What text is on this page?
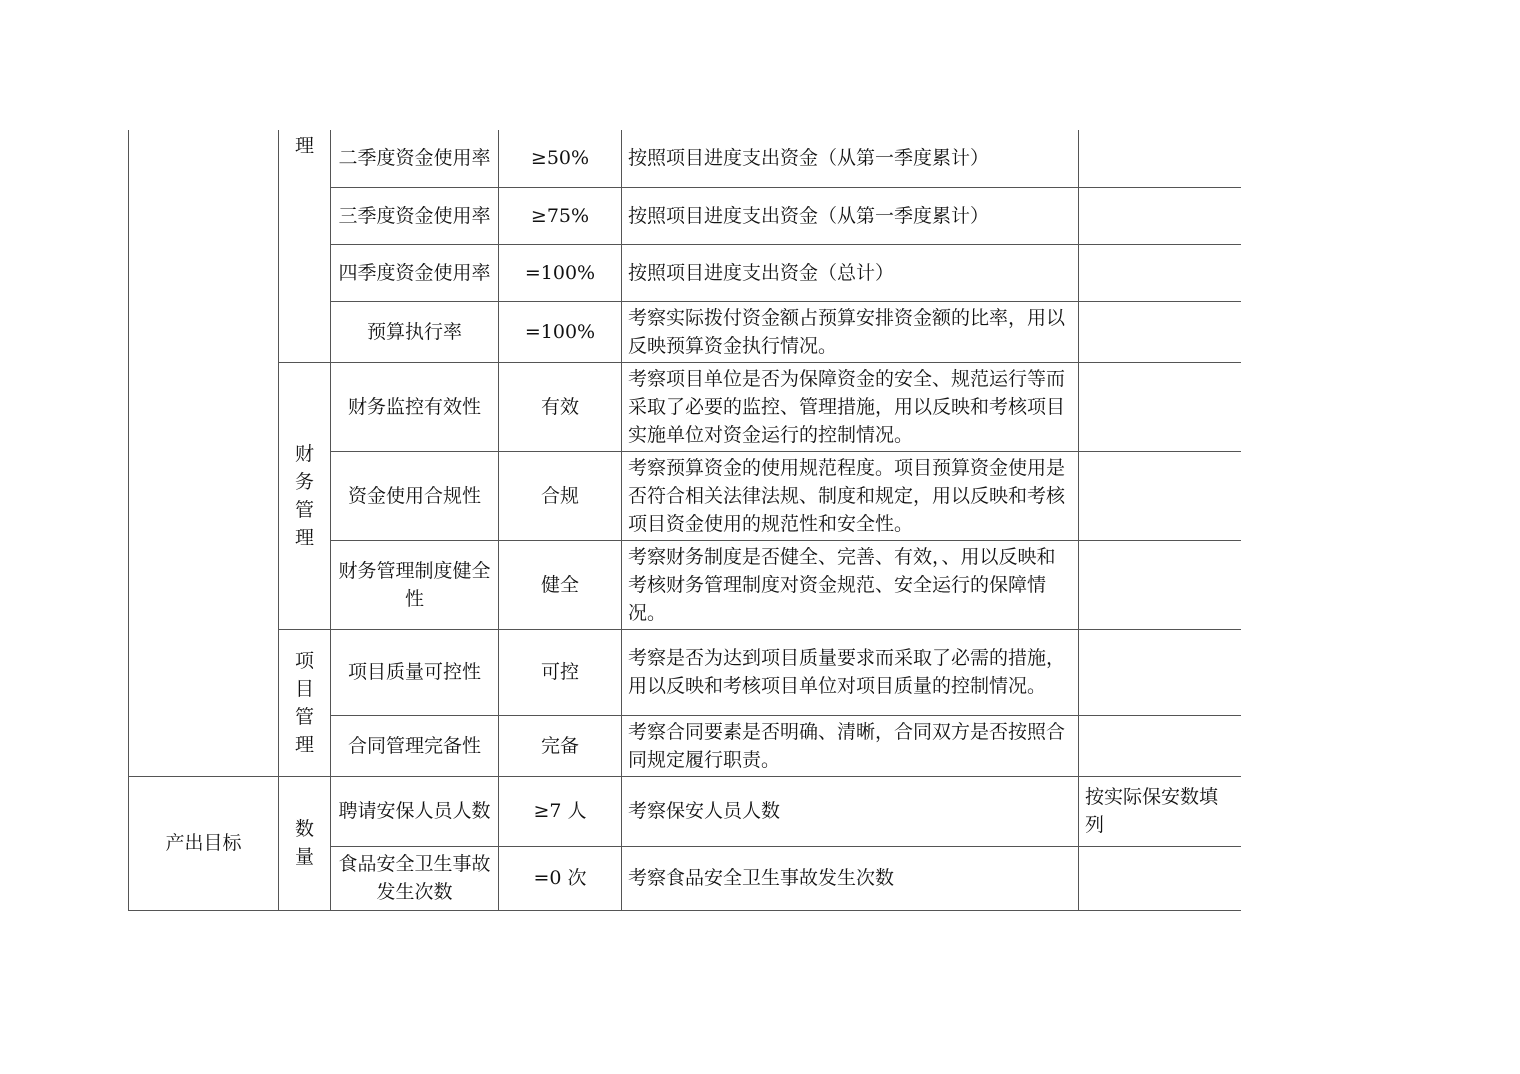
	理	二季度资金使用率	≥50%	按照项目进度支出资金（从第一季度累计）	
		三季度资金使用率	≥75%	按照项目进度支出资金（从第一季度累计）	
		四季度资金使用率	=100%	按照项目进度支出资金（总计）	
		预算执行率	=100%	考察实际拨付资金额占预算安排资金额的比率，用以反映预算资金执行情况。	
	财务管理	财务监控有效性	有效	考察项目单位是否为保障资金的安全、规范运行等而采取了必要的监控、管理措施，用以反映和考核项目实施单位对资金运行的控制情况。	
		资金使用合规性	合规	考察预算资金的使用规范程度。项目预算资金使用是否符合相关法律法规、制度和规定，用以反映和考核项目资金使用的规范性和安全性。	
		财务管理制度健全性	健全	考察财务制度是否健全、完善、有效，、用以反映和考核财务管理制度对资金规范、安全运行的保障情况。	
	项目管理	项目质量可控性	可控	考察是否为达到项目质量要求而采取了必需的措施，用以反映和考核项目单位对项目质量的控制情况。	
		合同管理完备性	完备	考察合同要素是否明确、清晰，合同双方是否按照合同规定履行职责。	
产出目标	数量	聘请安保人员人数	≥7 人	考察保安人员人数	按实际保安数填列
		食品安全卫生事故发生次数	=0 次	考察食品安全卫生事故发生次数	
